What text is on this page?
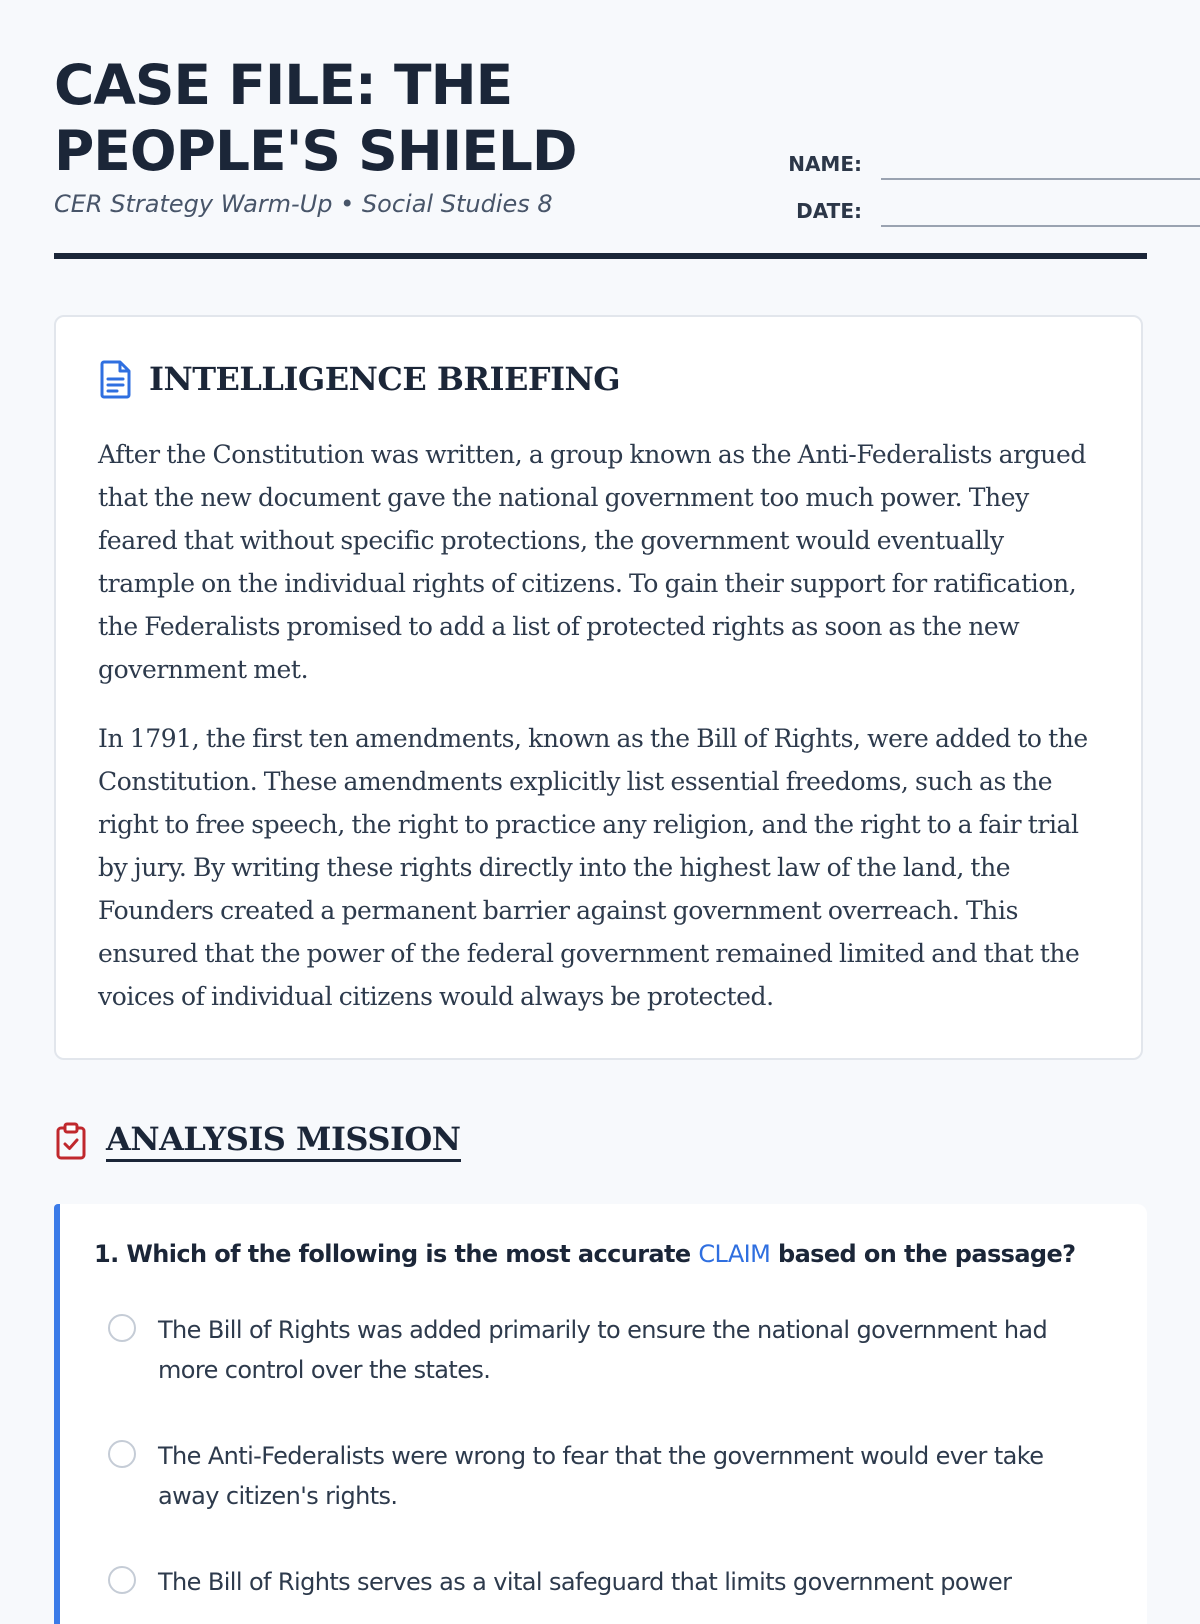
CASE FILE: THE PEOPLE'S SHIELD
CER Strategy Warm-Up • Social Studies 8
NAME:
DATE:
INTELLIGENCE BRIEFING

After the Constitution was written, a group known as the Anti-Federalists argued that the new document gave the national government too much power. They feared that without specific protections, the government would eventually trample on the individual rights of citizens. To gain their support for ratification, the Federalists promised to add a list of protected rights as soon as the new government met.

In 1791, the first ten amendments, known as the Bill of Rights, were added to the Constitution. These amendments explicitly list essential freedoms, such as the right to free speech, the right to practice any religion, and the right to a fair trial by jury. By writing these rights directly into the highest law of the land, the Founders created a permanent barrier against government overreach. This ensured that the power of the federal government remained limited and that the voices of individual citizens would always be protected.

ANALYSIS MISSION
1. Which of the following is the most accurate CLAIM based on the passage?
The Bill of Rights was added primarily to ensure the national government had more control over the states.
The Anti-Federalists were wrong to fear that the government would ever take away citizen's rights.
The Bill of Rights serves as a vital safeguard that limits government power
